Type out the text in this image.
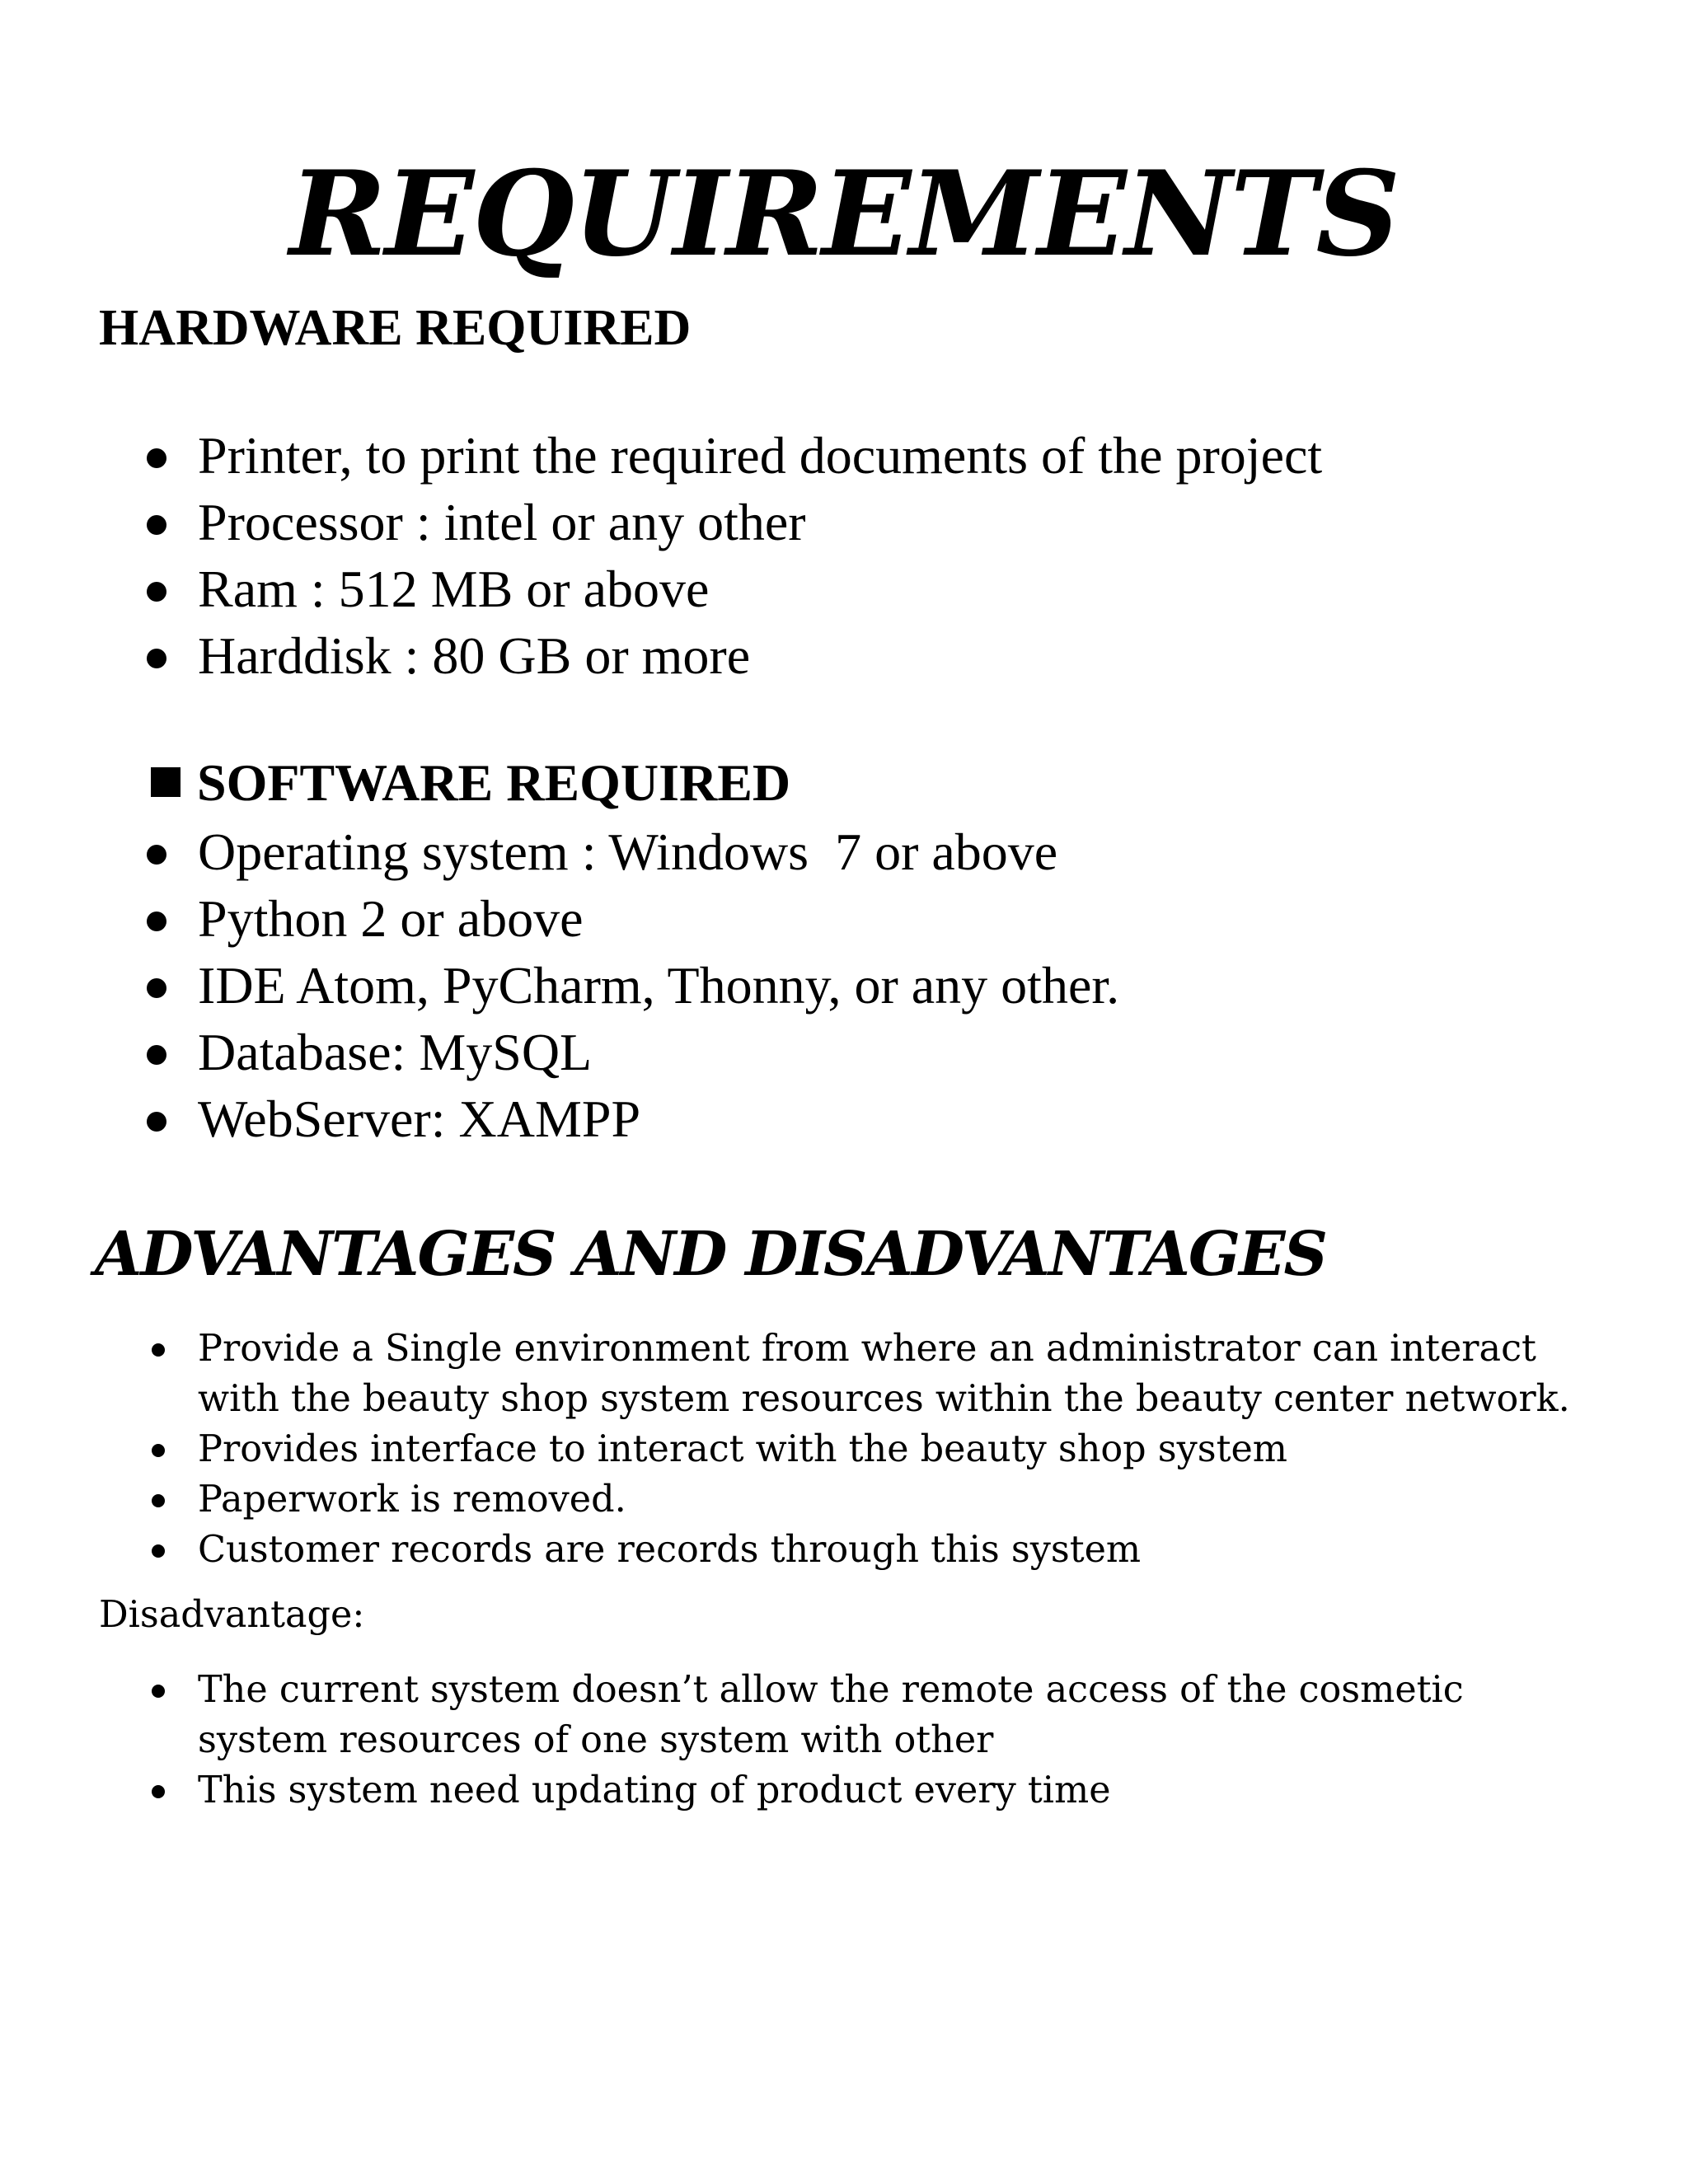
REQUIREMENTS
HARDWARE REQUIRED
Printer, to print the required documents of the project
Processor : intel or any other
Ram : 512 MB or above
Harddisk : 80 GB or more
SOFTWARE REQUIRED
Operating system : Windows  7 or above
Python 2 or above
IDE Atom, PyCharm, Thonny, or any other.
Database: MySQL
WebServer: XAMPP
ADVANTAGES AND DISADVANTAGES
Provide a Single environment from where an administrator can interact
with the beauty shop system resources within the beauty center network.
Provides interface to interact with the beauty shop system
Paperwork is removed.
Customer records are records through this system

Disadvantage:

The current system doesn’t allow the remote access of the cosmetic
system resources of one system with other
This system need updating of product every time
